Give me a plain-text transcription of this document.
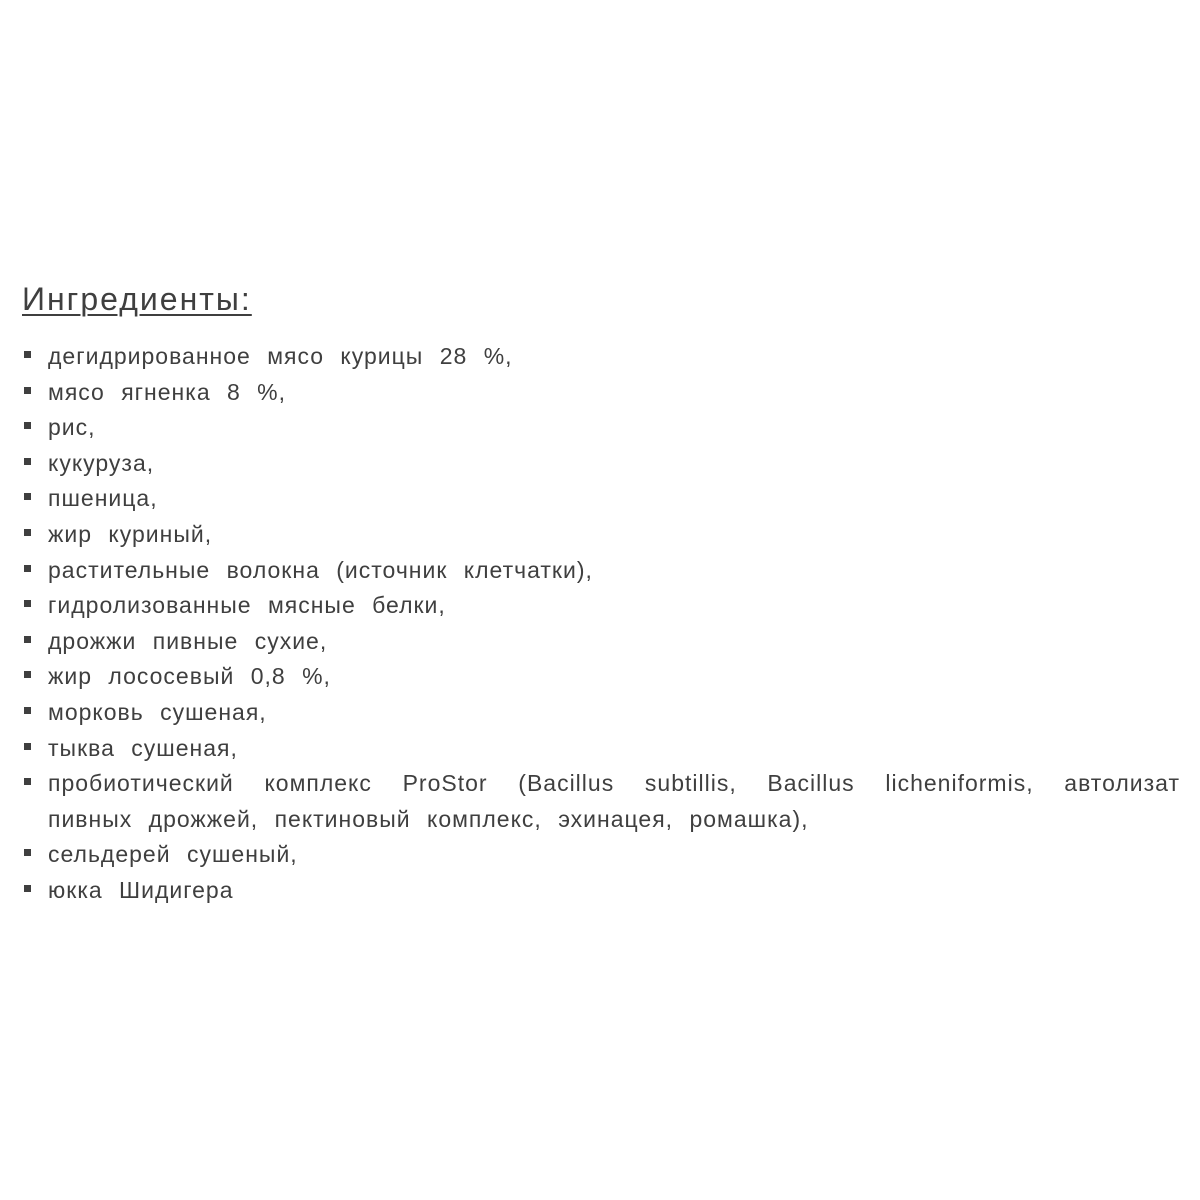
Ингредиенты:
дегидрированное мясо курицы 28 %,
мясо ягненка 8 %,
рис,
кукуруза,
пшеница,
жир куриный,
растительные волокна (источник клетчатки),
гидролизованные мясные белки,
дрожжи пивные сухие,
жир лососевый 0,8 %,
морковь сушеная,
тыква сушеная,
пробиотический комплекс ProStor (Bacillus subtillis, Bacillus licheniformis, автолизат пивных дрожжей, пектиновый комплекс, эхинацея, ромашка),
сельдерей сушеный,
юкка Шидигера
